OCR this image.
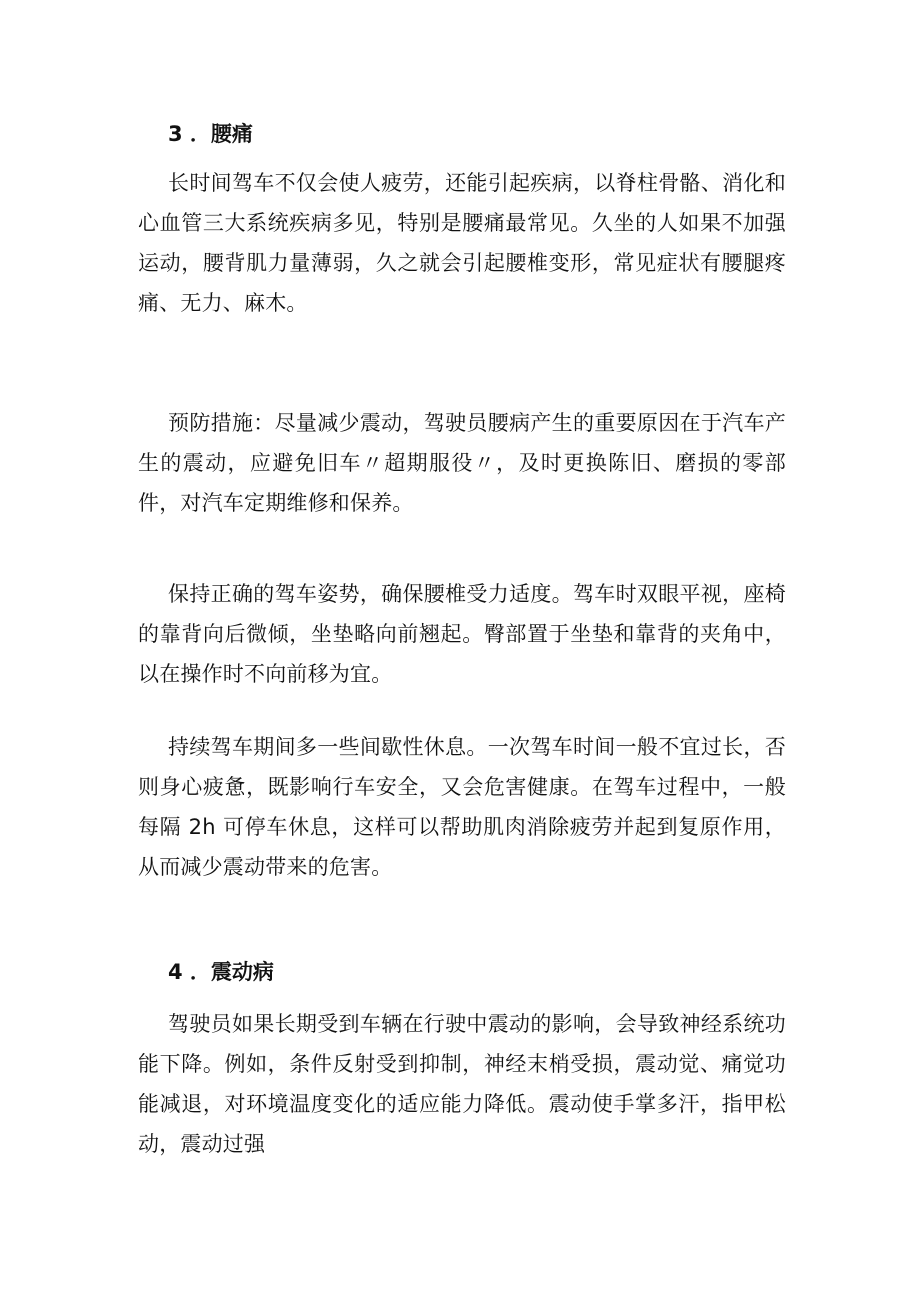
3 ．腰痛

长时间驾车不仅会使人疲劳，还能引起疾病，以脊柱骨骼、消化和心血管三大系统疾病多见，特别是腰痛最常见。久坐的人如果不加强运动，腰背肌力量薄弱，久之就会引起腰椎变形，常见症状有腰腿疼痛、无力、麻木。

预防措施：尽量减少震动，驾驶员腰病产生的重要原因在于汽车产生的震动，应避免旧车〃超期服役〃，及时更换陈旧、磨损的零部件，对汽车定期维修和保养。

保持正确的驾车姿势，确保腰椎受力适度。驾车时双眼平视，座椅的靠背向后微倾，坐垫略向前翘起。臀部置于坐垫和靠背的夹角中，以在操作时不向前移为宜。

持续驾车期间多一些间歇性休息。一次驾车时间一般不宜过长，否则身心疲惫，既影响行车安全，又会危害健康。在驾车过程中，一般每隔 2h 可停车休息，这样可以帮助肌肉消除疲劳并起到复原作用，从而减少震动带来的危害。

4 ．震动病

驾驶员如果长期受到车辆在行驶中震动的影响，会导致神经系统功能下降。例如，条件反射受到抑制，神经末梢受损，震动觉、痛觉功能减退，对环境温度变化的适应能力降低。震动使手掌多汗，指甲松动，震动过强
